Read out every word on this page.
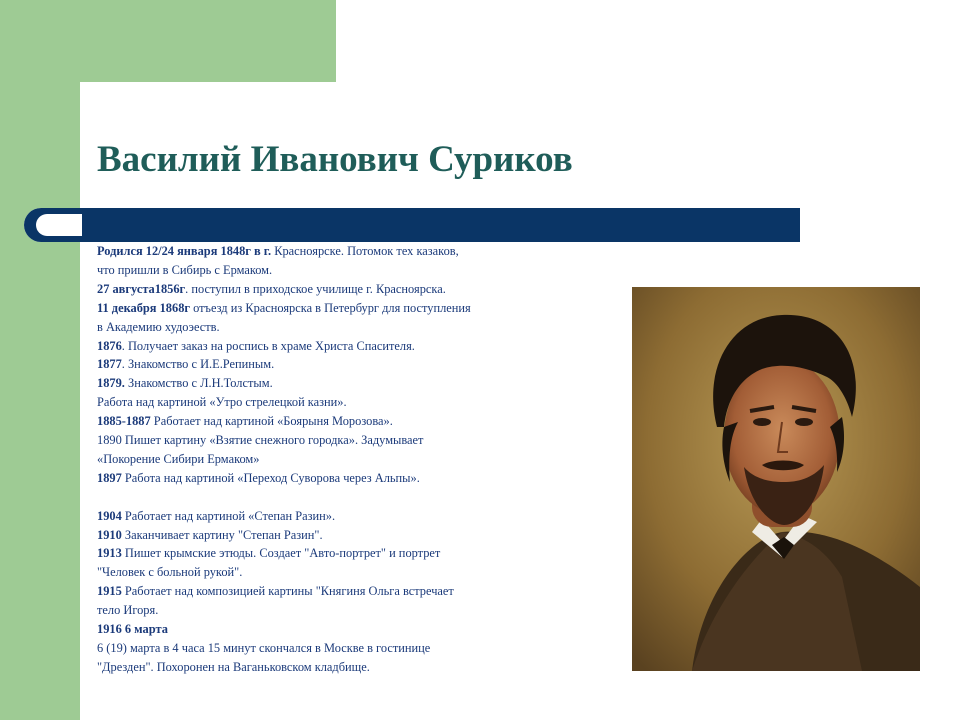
Василий Иванович Суриков
Родился 12/24 января 1848г в г. Красноярске. Потомок тех казаков,
что пришли в Сибирь с Ермаком.
27 августа1856г. поступил в приходское училище г. Красноярска.
11 декабря 1868г отъезд из Красноярска в Петербург для поступления
в Академию худоэеств.
1876. Получает заказ на роспись в храме Христа Спасителя.
1877. Знакомство с И.Е.Репиным.
1879. Знакомство с Л.Н.Толстым.
Работа над картиной «Утро стрелецкой казни».
1885-1887 Работает над картиной «Боярыня Морозова».
1890 Пишет картину «Взятие снежного городка». Задумывает
«Покорение Сибири Ермаком»
1897 Работа над картиной «Переход Суворова через Альпы».
1904 Работает над картиной «Степан Разин».
1910 Заканчивает картину "Степан Разин".
1913 Пишет крымские этюды. Создает "Авто-портрет" и портрет
"Человек с больной рукой".
1915 Работает над композицией картины "Княгиня Ольга встречает
тело Игоря.
1916 6 марта
6 (19) марта в 4 часа 15 минут скончался в Москве в гостинице
"Дрезден". Похоронен на Ваганьковском кладбище.
